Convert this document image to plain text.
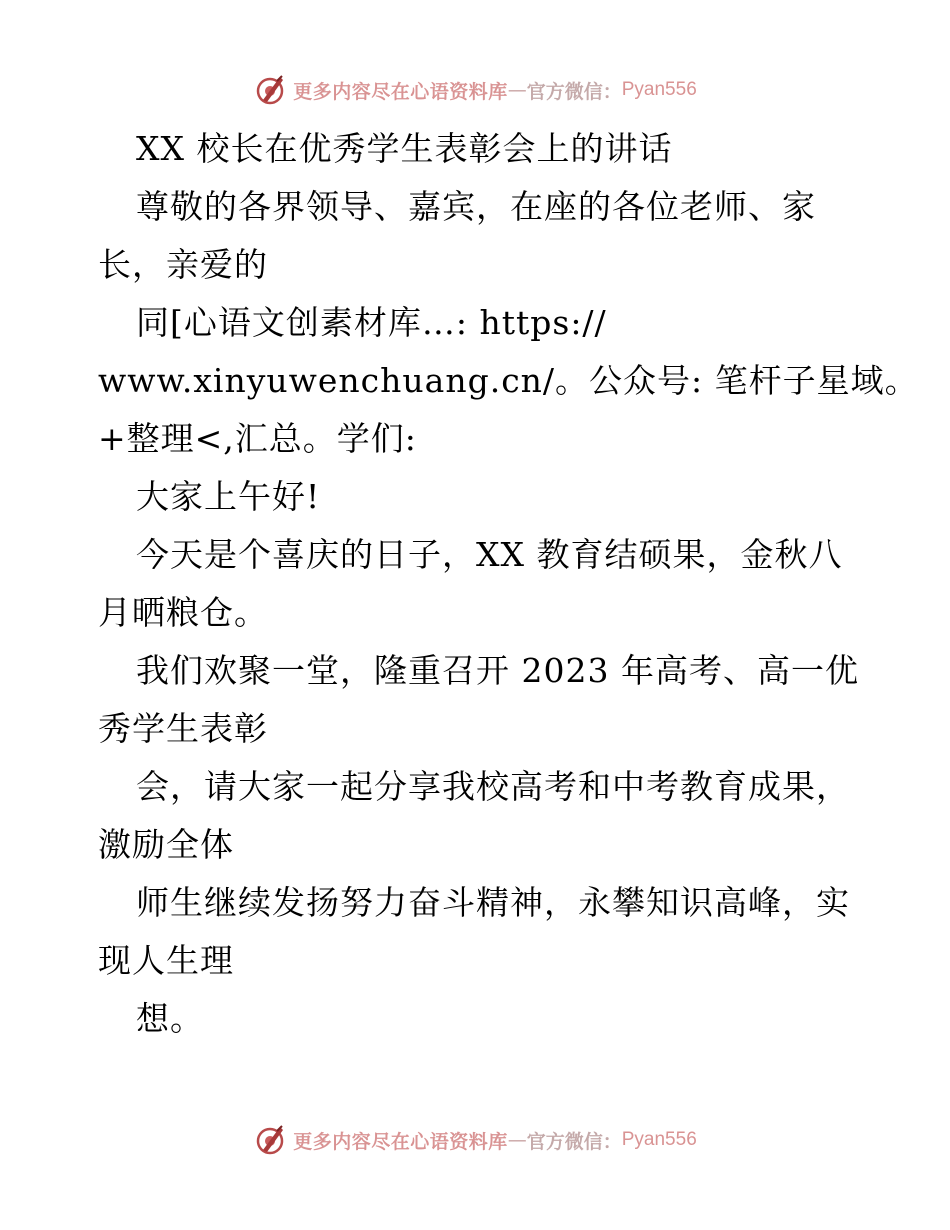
更多内容尽在心语资料库 — 官方微信： Pyan556
XX 校长在优秀学生表彰会上的讲话
尊敬的各界领导、嘉宾，在座的各位老师、家
长，亲爱的
同[心语文创素材库…: https://
www.xinyuwenchuang.cn/。公众号: 笔杆子星域。
+整理<,汇总。学们:
大家上午好!
今天是个喜庆的日子，XX 教育结硕果，金秋八
月晒粮仓。
我们欢聚一堂，隆重召开 2023 年高考、高一优
秀学生表彰
会，请大家一起分享我校高考和中考教育成果，
激励全体
师生继续发扬努力奋斗精神，永攀知识高峰，实
现人生理
想。
更多内容尽在心语资料库 — 官方微信： Pyan556
